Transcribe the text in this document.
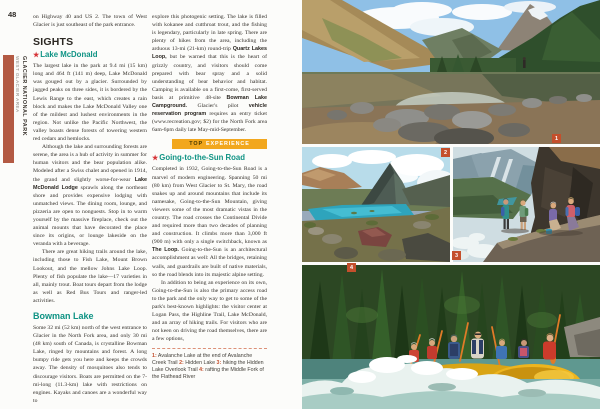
48
WEST GLACIER AREA GLACIER NATIONAL PARK

on Highway 40 and US 2. The town of West Glacier is just southeast of the park entrance.

SIGHTS
★Lake McDonald

The largest lake in the park at 9.4 mi (15 km) long and 464 ft (141 m) deep, Lake McDonald was gouged out by a glacier. Surrounded by jagged peaks on three sides, it is bordered by the Lewis Range to the east, which creates a rain block and makes the Lake McDonald Valley one of the mildest and lushest environments in the region. Not unlike the Pacific Northwest, the valley boasts dense forests of towering western red cedars and hemlocks.

Although the lake and surrounding forests are serene, the area is a hub of activity in summer for human visitors and the bear population alike. Modeled after a Swiss chalet and opened in 1914, the grand and slightly worse-for-wear Lake McDonald Lodge sprawls along the northeast shore and provides expensive lodging with unmatched views. The dining room, lounge, and pizzeria are open to nonguests. Stop in to warm yourself by the massive fireplace, check out the animal mounts that have decorated the place since its origins, or lounge lakeside on the veranda with a beverage.

There are great hiking trails around the lake, including those to Fish Lake, Mount Brown Lookout, and the mellow Johns Lake Loop. Plenty of fish populate the lake—17 varieties in all, mainly trout. Boat tours depart from the lodge as well as Red Bus Tours and ranger-led activities.

Bowman Lake

Some 32 mi (52 km) north of the west entrance to Glacier in the North Fork area, and only 30 mi (48 km) south of Canada, is crystalline Bowman Lake, ringed by mountains and forest. A long bumpy ride gets you here and keeps the crowds away. The density of mosquitoes also tends to discourage visitors. Boats are permitted on the 7-mi-long (11.3-km) lake with restrictions on engines. Kayaks and canoes are a wonderful way to

explore this photogenic setting. The lake is filled with kokanee and cutthroat trout, and the fishing is legendary, particularly in late spring. There are plenty of hikes from the area, including the arduous 13-mi (21-km) round-trip Quartz Lakes Loop, but be warned that this is the heart of grizzly country, and visitors should come prepared with bear spray and a solid understanding of bear behavior and habitat. Camping is available on a first-come, first-served basis at primitive 48-site Bowman Lake Campground. Glacier's pilot vehicle reservation program requires an entry ticket (www.recreation.gov; $2) for the North Fork area 6am-6pm daily late May-mid-September.

TOP EXPERIENCE
★Going-to-the-Sun Road

Completed in 1932, Going-to-the-Sun Road is a marvel of modern engineering. Spanning 50 mi (80 km) from West Glacier to St. Mary, the road snakes up and around mountains that include its namesake, Going-to-the-Sun Mountain, giving viewers some of the most dramatic vistas in the country. The road crosses the Continental Divide and required more than two decades of planning and construction. It climbs more than 3,000 ft (900 m) with only a single switchback, known as The Loop. Going-to-the-Sun is an architectural accomplishment as well: All the bridges, retaining walls, and guardrails are built of native materials, so the road blends into its majestic alpine setting.

In addition to being an experience on its own, Going-to-the-Sun is also the primary access road to the park and the only way to get to some of the park's best-known highlights: the visitor center at Logan Pass, the Highline Trail, Lake McDonald, and an array of hiking trails. For visitors who are not keen on driving the road themselves, there are a few options,

1: Avalanche Lake at the end of Avalanche Creek Trail 2: Hidden Lake 3: hiking the Hidden Lake Overlook Trail 4: rafting the Middle Fork of the Flathead River
1
2
3
4
